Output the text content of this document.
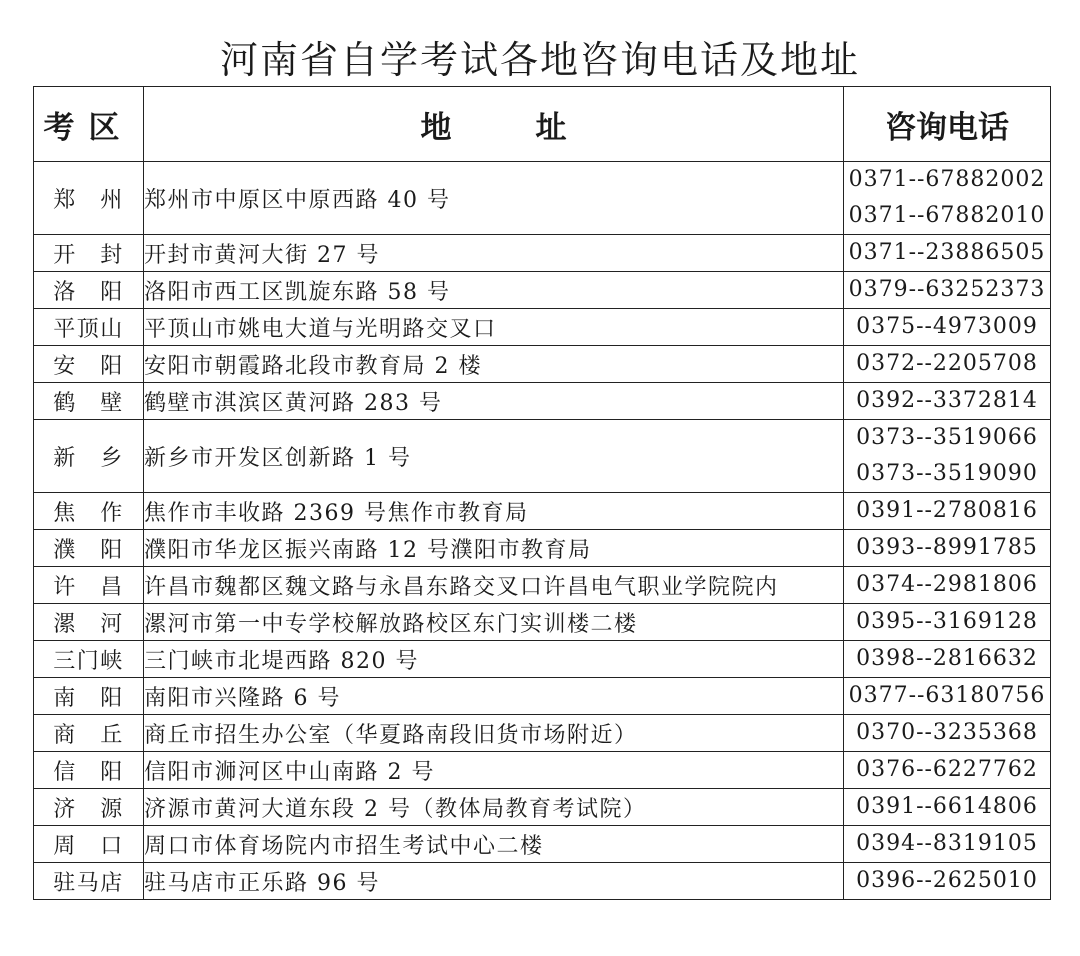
河南省自学考试各地咨询电话及地址
考区	地 址	咨询电话
郑　州	郑州市中原区中原西路 40 号	0371--67882002
0371--67882010

开　封	开封市黄河大街 27 号	0371--23886505

洛　阳	洛阳市西工区凯旋东路 58 号	0379--63252373

平顶山	平顶山市姚电大道与光明路交叉口	0375--4973009

安　阳	安阳市朝霞路北段市教育局 2 楼	0372--2205708

鹤　壁	鹤壁市淇滨区黄河路 283 号	0392--3372814

新　乡	新乡市开发区创新路 1 号	0373--3519066
0373--3519090

焦　作	焦作市丰收路 2369 号焦作市教育局	0391--2780816

濮　阳	濮阳市华龙区振兴南路 12 号濮阳市教育局	0393--8991785

许　昌	许昌市魏都区魏文路与永昌东路交叉口许昌电气职业学院院内	0374--2981806

漯　河	漯河市第一中专学校解放路校区东门实训楼二楼	0395--3169128

三门峡	三门峡市北堤西路 820 号	0398--2816632

南　阳	南阳市兴隆路 6 号	0377--63180756

商　丘	商丘市招生办公室（华夏路南段旧货市场附近）	0370--3235368

信　阳	信阳市浉河区中山南路 2 号	0376--6227762

济　源	济源市黄河大道东段 2 号（教体局教育考试院）	0391--6614806

周　口	周口市体育场院内市招生考试中心二楼	0394--8319105

驻马店	驻马店市正乐路 96 号	0396--2625010
